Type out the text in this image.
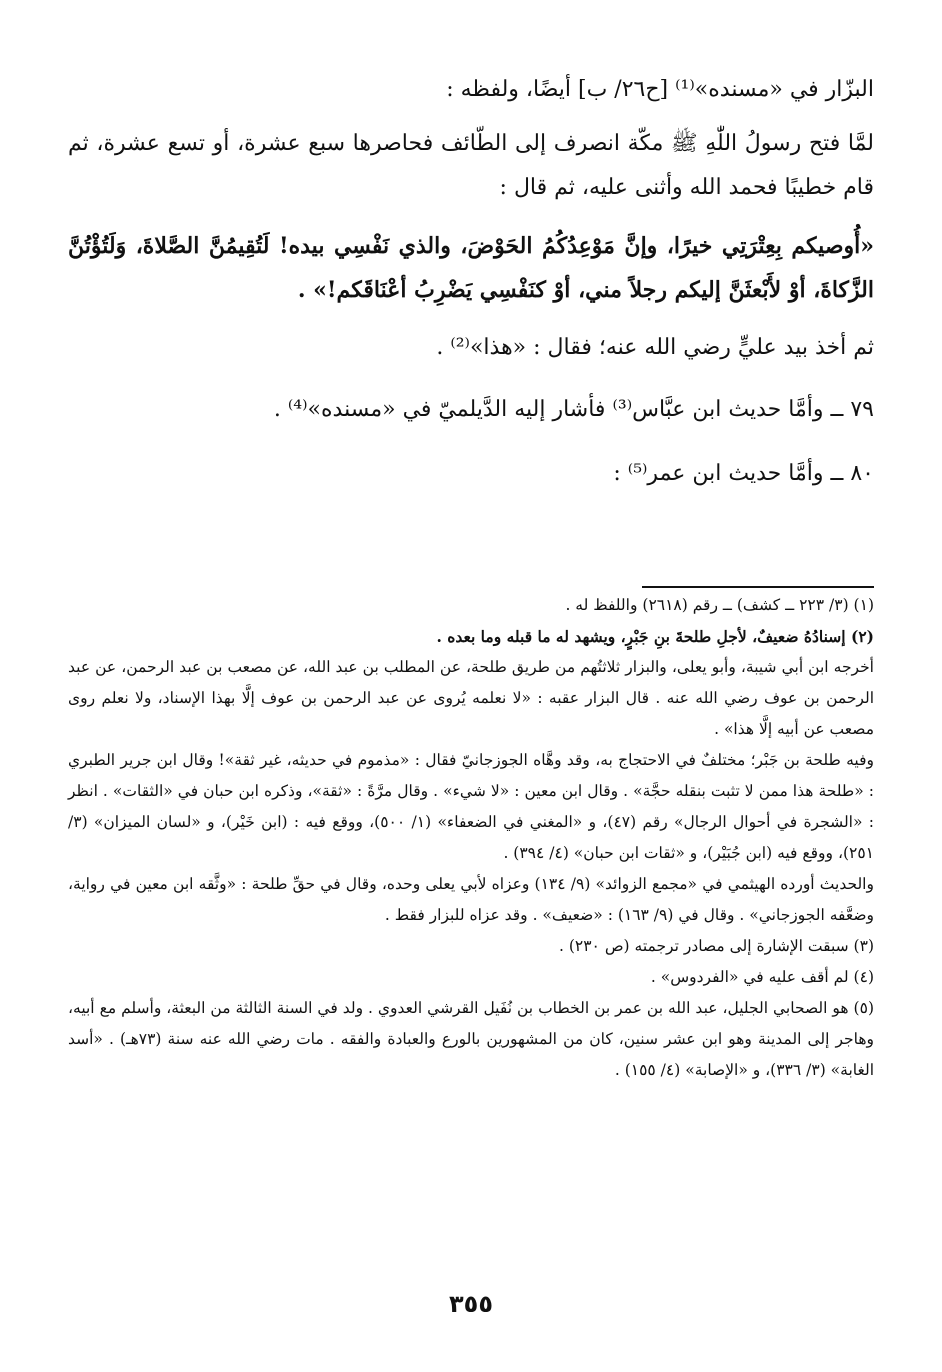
البزّار في «مسنده»⁽¹⁾ [ح٢٦/ ب] أيضًا، ولفظه :

لمَّا فتح رسولُ اللّٰهِ ﷺ مكّة انصرف إلى الطّائف فحاصرها سبع عشرة، أو تسع عشرة، ثم قام خطيبًا فحمد الله وأثنى عليه، ثم قال :

«أُوصيكم بِعِتْرَتِي خيرًا، وإنَّ مَوْعِدُكُمُ الحَوْضَ، والذي نَفْسِي بيده! لَتُقِيمُنَّ الصَّلاةَ، وَلَتُؤْتُنَّ الزَّكاةَ، أوْ لأَبْعثَنَّ إليكم رجلاً مني، أوْ كنَفْسِي يَضْرِبُ أعْنَاقَكم!» .

ثم أخذ بيد عليٍّ رضي الله عنه؛ فقال : «هذا»⁽²⁾ .

٧٩ ــ وأمَّا حديث ابن عبَّاس⁽³⁾ فأشار إليه الدَّيلميّ في «مسنده»⁽⁴⁾ .

٨٠ ــ وأمَّا حديث ابن عمر⁽⁵⁾ :

(١) (٣/ ٢٢٣ ــ كشف) ــ رقم (٢٦١٨) واللفظ له .

(٢) إسنادُهُ ضعيفٌ، لأجلِ طلحةَ بنِ جَبْرٍ، ويشهد له ما قبله وما بعده .

أخرجه ابن أبي شيبة، وأبو يعلى، والبزار ثلاثتُهم من طريق طلحة، عن المطلب بن عبد الله، عن مصعب بن عبد الرحمن، عن عبد الرحمن بن عوف رضي الله عنه . قال البزار عقبه : «لا نعلمه يُروى عن عبد الرحمن بن عوف إلَّا بهذا الإسناد، ولا نعلم روى مصعب عن أبيه إلَّا هذا» .

وفيه طلحة بن جَبْر؛ مختلفٌ في الاحتجاج به، وقد وهَّاه الجوزجانيّ فقال : «مذموم في حديثه، غير ثقة»! وقال ابن جرير الطبري : «طلحة هذا ممن لا تثبت بنقله حجَّة» . وقال ابن معين : «لا شيء» . وقال مرَّةً : «ثقة»، وذكره ابن حبان في «الثقات» . انظر : «الشجرة في أحوال الرجال» رقم (٤٧)، و «المغني في الضعفاء» (١/ ٥٠٠)، ووقع فيه : (ابن خَيْر)، و «لسان الميزان» (٣/ ٢٥١)، ووقع فيه (ابن جُبَيْر)، و «ثقات ابن حبان» (٤/ ٣٩٤) .

والحديث أورده الهيثمي في «مجمع الزوائد» (٩/ ١٣٤) وعزاه لأبي يعلى وحده، وقال في حقِّ طلحة : «وثَّقه ابن معين في رواية، وضعَّفه الجوزجاني» . وقال في (٩/ ١٦٣) : «ضعيف» . وقد عزاه للبزار فقط .

(٣) سبقت الإشارة إلى مصادر ترجمته (ص ٢٣٠) .

(٤) لم أقف عليه في «الفردوس» .

(٥) هو الصحابي الجليل، عبد الله بن عمر بن الخطاب بن نُفَيل القرشي العدوي . ولد في السنة الثالثة من البعثة، وأسلم مع أبيه، وهاجر إلى المدينة وهو ابن عشر سنين، كان من المشهورين بالورع والعبادة والفقه . مات رضي الله عنه سنة (٧٣هـ) . «أسد الغابة» (٣/ ٣٣٦)، و «الإصابة» (٤/ ١٥٥) .

٣٥٥
